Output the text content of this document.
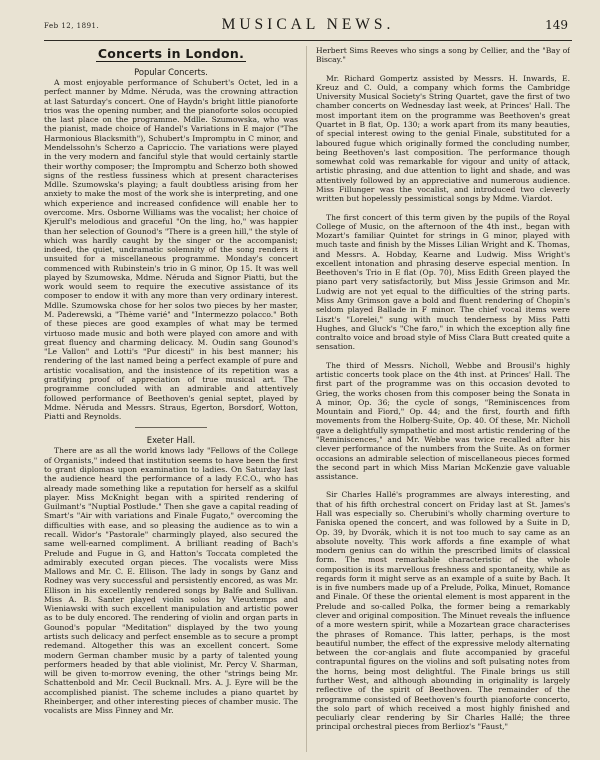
Feb 12, 1891.	MUSICAL NEWS.	149
Concerts in London.
Popular Concerts.

A most enjoyable performance of Schubert's Octet, led in a perfect manner by Mdme. Néruda, was the crowning attraction at last Saturday's concert. One of Haydn's bright little pianoforte trios was the opening number, and the pianoforte solos occupied the last place on the programme. Mdlle. Szumowska, who was the pianist, made choice of Handel's Variations in E major ("The Harmonious Blacksmith"), Schubert's Impromptu in C minor, and Mendelssohn's Scherzo a Capriccio. The variations were played in the very modern and fanciful style that would certainly startle their worthy composer; the Impromptu and Scherzo both showed signs of the restless fussiness which at present characterises Mdlle. Szumowska's playing; a fault doubtless arising from her anxiety to make the most of the work she is interpreting, and one which experience and increased confidence will enable her to overcome. Mrs. Osborne Williams was the vocalist; her choice of Kjerulf's melodious and graceful "On the ling, ho," was happier than her selection of Gounod's "There is a green hill," the style of which was hardly caught by the singer or the accompanist; indeed, the quiet, undramatic solemnity of the song renders it unsuited for a miscellaneous programme. Monday's concert commenced with Rubinstein's trio in G minor, Op 15. It was well played by Szumowska, Mdme. Néruda and Signor Piatti, but the work would seem to require the executive assistance of its composer to endow it with any more than very ordinary interest. Mdlle. Szumowska chose for her solos two pieces by her master, M. Paderewski, a "Thème varié" and "Intermezzo polacco." Both of these pieces are good examples of what may be termed virtuoso made music and both were played con amore and with great fluency and charming delicacy. M. Oudin sang Gounod's "Le Vallon" and Lotti's "Pur dicesti" in his best manner; his rendering of the last named being a perfect example of pure and artistic vocalisation, and the insistence of its repetition was a gratifying proof of appreciation of true musical art. The programme concluded with an admirable and attentively followed performance of Beethoven's genial septet, played by Mdme. Néruda and Messrs. Straus, Egerton, Borsdorf, Wotton, Piatti and Reynolds.

Exeter Hall.

There are as all the world knows lady "Fellows of the College of Organists," indeed that institution seems to have been the first to grant diplomas upon examination to ladies. On Saturday last the audience heard the performance of a lady F.C.O., who has already made something like a reputation for herself as a skilful player. Miss McKnight began with a spirited rendering of Guilmant's "Nuptial Postlude." Then she gave a capital reading of Smart's "Air with variations and Finale Fugato," overcoming the difficulties with ease, and so pleasing the audience as to win a recall. Widor's "Pastorale" charmingly played, also secured the same well-earned compliment. A brilliant reading of Bach's Prelude and Fugue in G, and Hatton's Toccata completed the admirably executed organ pieces. The vocalists were Miss Mallows and Mr. C. E. Ellison. The lady in songs by Ganz and Rodney was very successful and persistently encored, as was Mr. Ellison in his excellently rendered songs by Balfe and Sullivan. Miss A. B. Santer played violin solos by Vieuxtemps and Wieniawski with such excellent manipulation and artistic power as to be duly encored. The rendering of violin and organ parts in Gounod's popular "Meditation" displayed by the two young artists such delicacy and perfect ensemble as to secure a prompt redemand. Altogether this was an excellent concert. Some modern German chamber music by a party of talented young performers headed by that able violinist, Mr. Percy V. Sharman, will be given to-morrow evening, the other "strings being Mr. Schattenbold and Mr. Cecil Bucknall. Mrs. A. J. Eyre will be the accomplished pianist. The scheme includes a piano quartet by Rheinberger, and other interesting pieces of chamber music. The vocalists are Miss Finney and Mr.

Herbert Sims Reeves who sings a song by Cellier, and the "Bay of Biscay."

Mr. Richard Gompertz assisted by Messrs. H. Inwards, E. Kreuz and C. Ould, a company which forms the Cambridge University Musical Society's String Quartet, gave the first of two chamber concerts on Wednesday last week, at Princes' Hall. The most important item on the programme was Beethoven's great Quartet in B flat, Op. 130; a work apart from its many beauties, of special interest owing to the genial Finale, substituted for a laboured fugue which originally formed the concluding number, being Beethoven's last composition. The performance though somewhat cold was remarkable for vigour and unity of attack, artistic phrasing, and due attention to light and shade, and was attentively followed by an appreciative and numerous audience. Miss Fillunger was the vocalist, and introduced two cleverly written but hopelessly pessimistical songs by Mdme. Viardot.

The first concert of this term given by the pupils of the Royal College of Music, on the afternoon of the 4th inst., began with Mozart's familiar Quintet for strings in G minor, played with much taste and finish by the Misses Lilian Wright and K. Thomas, and Messrs. A. Hobday, Kearne and Ludwig. Miss Wright's excellent intonation and phrasing deserve especial mention. In Beethoven's Trio in E flat (Op. 70), Miss Edith Green played the piano part very satisfactorily, but Miss Jessie Grimson and Mr. Ludwig are not yet equal to the difficulties of the string parts. Miss Amy Grimson gave a bold and fluent rendering of Chopin's seldom played Ballade in F minor. The chief vocal items were Liszt's "Lorelei," sung with much tenderness by Miss Patti Hughes, and Gluck's "Che faro," in which the exception ally fine contralto voice and broad style of Miss Clara Butt created quite a sensation.

The third of Messrs. Nicholl, Webbe and Brousil's highly artistic concerts took place on the 4th inst. at Princes' Hall. The first part of the programme was on this occasion devoted to Grieg, the works chosen from this composer being the Sonata in A minor, Op. 36; the cycle of songs, "Reminiscences from Mountain and Fiord," Op. 44; and the first, fourth and fifth movements from the Holberg-Suite, Op. 40. Of these, Mr. Nicholl gave a delightfully sympathetic and most artistic rendering of the "Reminiscences," and Mr. Webbe was twice recalled after his clever performance of the numbers from the Suite. As on former occasions an admirable selection of miscellaneous pieces formed the second part in which Miss Marian McKenzie gave valuable assistance.

Sir Charles Hallé's programmes are always interesting, and that of his fifth orchestral concert on Friday last at St. James's Hall was especially so. Cherubini's wholly charming overture to Faniska opened the concert, and was followed by a Suite in D, Op. 39, by Dvorák, which it is not too much to say came as an absolute novelty. This work affords a fine example of what modern genius can do within the prescribed limits of classical form. The most remarkable characteristic of the whole composition is its marvellous freshness and spontaneity, while as regards form it might serve as an example of a suite by Bach. It is in five numbers made up of a Prelude, Polka, Minuet, Romance and Finale. Of these the oriental element is most apparent in the Prelude and so-called Polka, the former being a remarkably clever and original composition. The Minuet reveals the influence of a more western spirit, while a Mozartean grace characterises the phrases of Romance. This latter, perhaps, is the most beautiful number, the effect of the expressive melody alternating between the cor-anglais and flute accompanied by graceful contrapuntal figures on the violins and soft pulsating notes from the horns, being most delightful. The Finale brings us still further West, and although abounding in originality is largely reflective of the spirit of Beethoven. The remainder of the programme consisted of Beethoven's fourth pianoforte concerto, the solo part of which received a most highly finished and peculiarly clear rendering by Sir Charles Hallé; the three principal orchestral pieces from Berlioz's "Faust,"
